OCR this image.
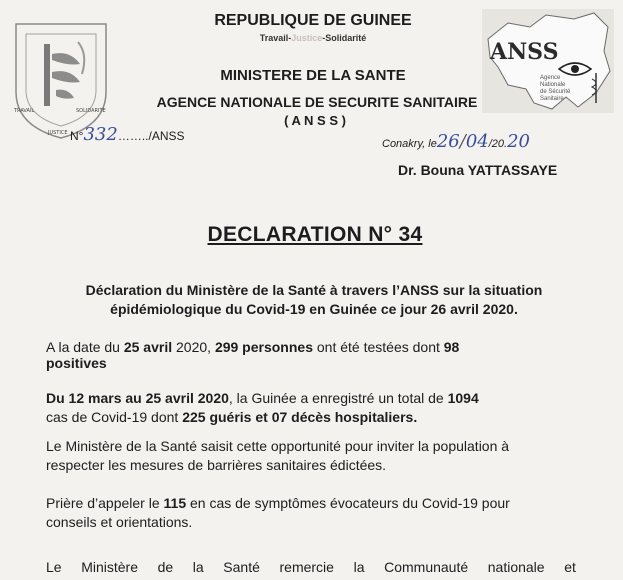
TRAVAIL
JUSTICE
SOLIDARITE
REPUBLIQUE DE GUINEE
Travail-Justice-Solidarité
MINISTERE DE LA SANTE
AGENCE NATIONALE DE SECURITE SANITAIRE
( A N S S )
ANSS
Agence
Nationale
de Sécurité
Sanitaire
N°332……../ANSS
Conakry, le26/04/20.20
Dr. Bouna YATTASSAYE
DECLARATION N° 34
Déclaration du Ministère de la Santé à travers l’ANSS sur la situation
épidémiologique du Covid-19 en Guinée ce jour 26 avril 2020.
A la date du 25 avril 2020, 299 personnes ont été testées dont 98
positives
Du 12 mars au 25 avril 2020, la Guinée a enregistré un total de 1094
cas de Covid-19 dont 225 guéris et 07 décès hospitaliers.
Le Ministère de la Santé saisit cette opportunité pour inviter la population à
respecter les mesures de barrières sanitaires édictées.
Prière d’appeler le 115 en cas de symptômes évocateurs du Covid-19 pour
conseils et orientations.
Le Ministère de la Santé remercie la Communauté nationale et
